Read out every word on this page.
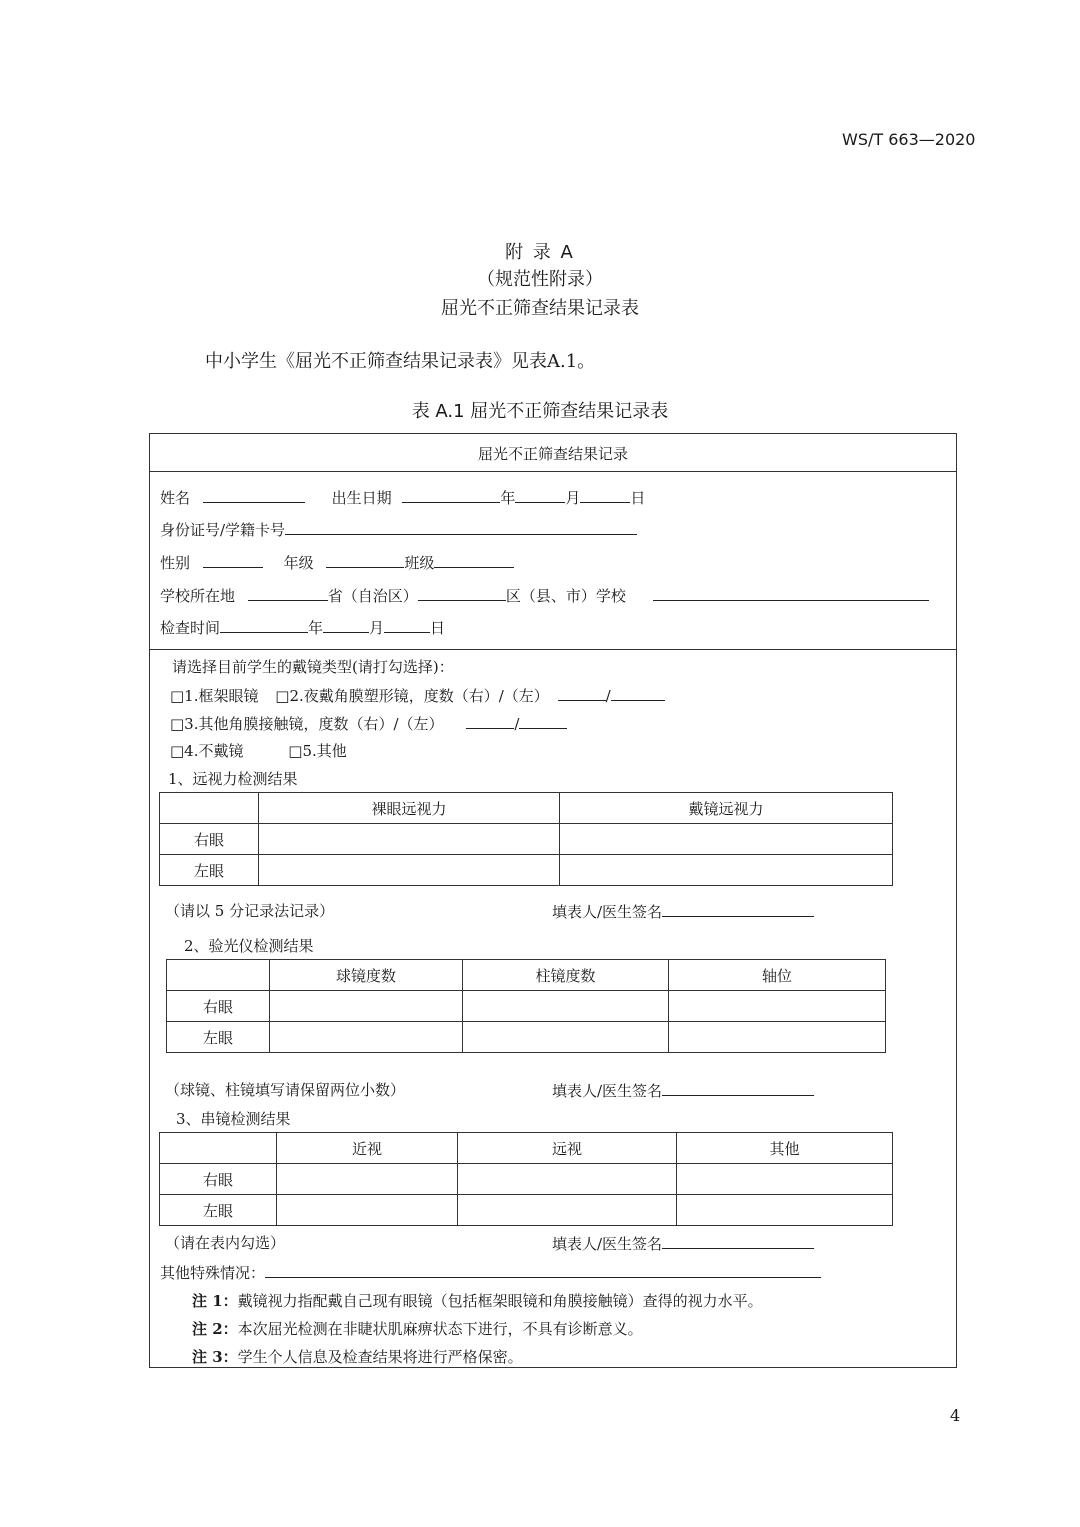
WS/T 663—2020
附 录 A
（规范性附录）
屈光不正筛查结果记录表
中小学生《屈光不正筛查结果记录表》见表A.1。
表 A.1 屈光不正筛查结果记录表
屈光不正筛查结果记录
姓名	出生日期	年	月	日
身份证号/学籍卡号
性别	年级	班级
学校所在地	省（自治区）	区（县、市）学校
检查时间	年	月	日
请选择目前学生的戴镜类型(请打勾选择)：
□1.框架眼镜 □2.夜戴角膜塑形镜，度数（右）/（左）	/
□3.其他角膜接触镜，度数（右）/（左）	/
□4.不戴镜	□5.其他
1、远视力检测结果
	裸眼远视力	戴镜远视力
右眼		
左眼		
（请以 5 分记录法记录）	填表人/医生签名
2、验光仪检测结果
	球镜度数	柱镜度数	轴位
右眼			
左眼			
（球镜、柱镜填写请保留两位小数）	填表人/医生签名
3、串镜检测结果
	近视	远视	其他
右眼			
左眼			
（请在表内勾选）	填表人/医生签名
其他特殊情况：
注 1：戴镜视力指配戴自己现有眼镜（包括框架眼镜和角膜接触镜）查得的视力水平。
注 2：本次屈光检测在非睫状肌麻痹状态下进行，不具有诊断意义。
注 3：学生个人信息及检查结果将进行严格保密。
4
